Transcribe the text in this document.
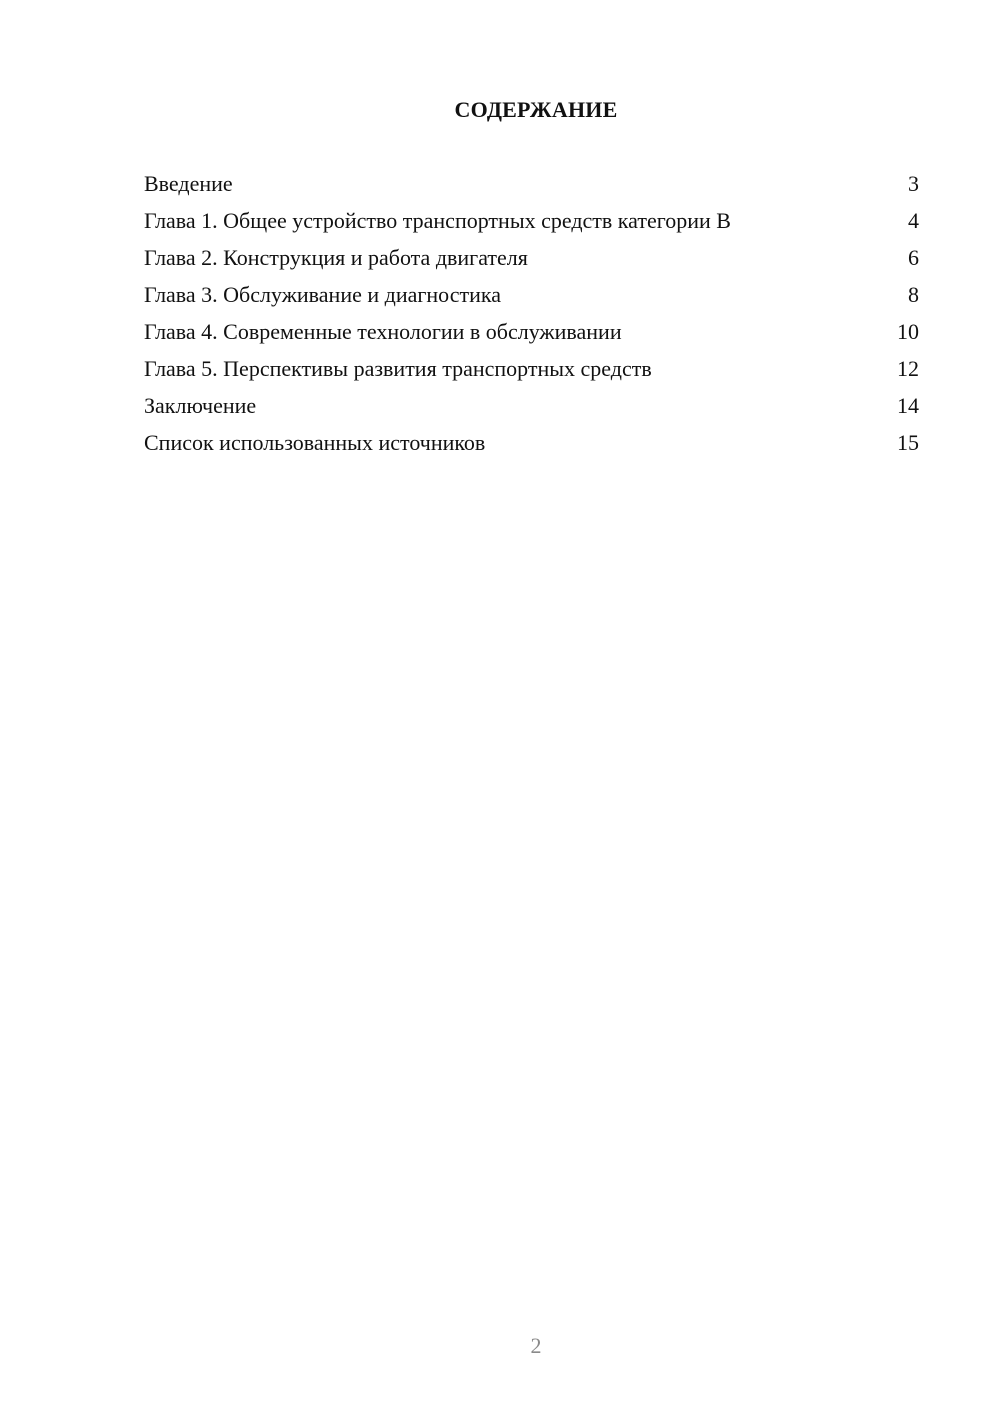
СОДЕРЖАНИЕ
Введение	3
Глава 1. Общее устройство транспортных средств категории B	4
Глава 2. Конструкция и работа двигателя	6
Глава 3. Обслуживание и диагностика	8
Глава 4. Современные технологии в обслуживании	10
Глава 5. Перспективы развития транспортных средств	12
Заключение	14
Список использованных источников	15
2
